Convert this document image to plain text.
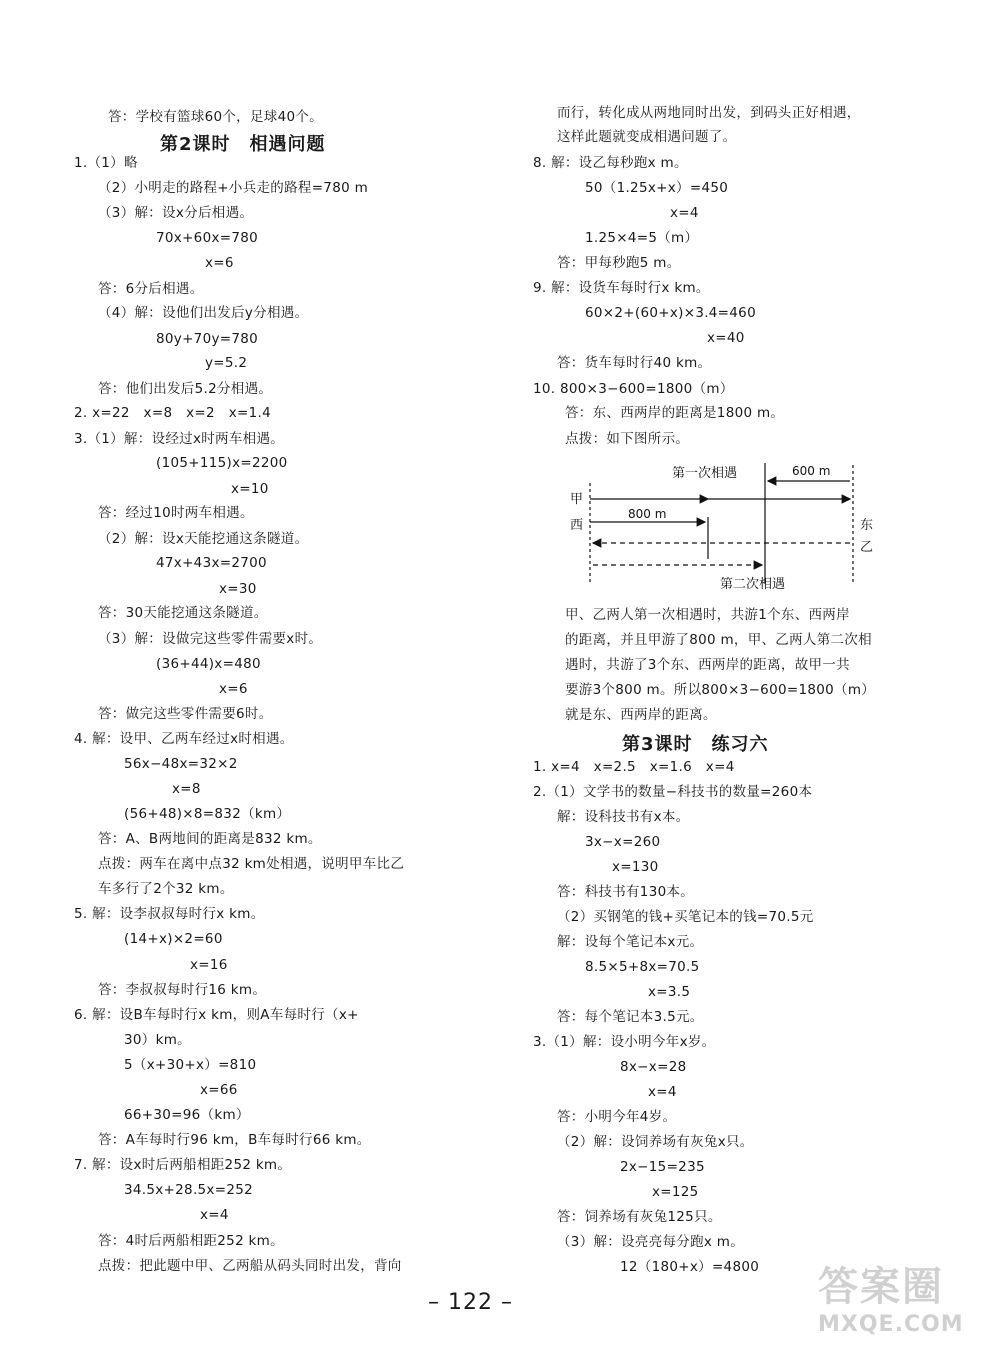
答：学校有篮球60个，足球40个。
1.（1）略
（2）小明走的路程+小兵走的路程=780 m
（3）解：设x分后相遇。
70x+60x=780
x=6
答：6分后相遇。
（4）解：设他们出发后y分相遇。
80y+70y=780
y=5.2
答：他们出发后5.2分相遇。
2. x=22　x=8　x=2　x=1.4
3.（1）解：设经过x时两车相遇。
(105+115)x=2200
x=10
答：经过10时两车相遇。
（2）解：设x天能挖通这条隧道。
47x+43x=2700
x=30
答：30天能挖通这条隧道。
（3）解：设做完这些零件需要x时。
(36+44)x=480
x=6
答：做完这些零件需要6时。
4. 解：设甲、乙两车经过x时相遇。
56x−48x=32×2
x=8
(56+48)×8=832（km）
答：A、B两地间的距离是832 km。
点拨：两车在离中点32 km处相遇，说明甲车比乙
车多行了2个32 km。
5. 解：设李叔叔每时行x km。
(14+x)×2=60
x=16
答：李叔叔每时行16 km。
6. 解：设B车每时行x km，则A车每时行（x+
30）km。
5（x+30+x）=810
x=66
66+30=96（km）
答：A车每时行96 km，B车每时行66 km。
7. 解：设x时后两船相距252 km。
34.5x+28.5x=252
x=4
答：4时后两船相距252 km。
点拨：把此题中甲、乙两船从码头同时出发，背向
而行，转化成从两地同时出发，到码头正好相遇，
这样此题就变成相遇问题了。
8. 解：设乙每秒跑x m。
50（1.25x+x）=450
x=4
1.25×4=5（m）
答：甲每秒跑5 m。
9. 解：设货车每时行x km。
60×2+(60+x)×3.4=460
x=40
答：货车每时行40 km。
10. 800×3−600=1800（m）
答：东、西两岸的距离是1800 m。
点拨：如下图所示。
甲、乙两人第一次相遇时，共游1个东、西两岸
的距离，并且甲游了800 m，甲、乙两人第二次相
遇时，共游了3个东、西两岸的距离，故甲一共
要游3个800 m。所以800×3−600=1800（m）
就是东、西两岸的距离。
1. x=4　x=2.5　x=1.6　x=4
2.（1）文学书的数量−科技书的数量=260本
解：设科技书有x本。
3x−x=260
x=130
答：科技书有130本。
（2）买钢笔的钱+买笔记本的钱=70.5元
解：设每个笔记本x元。
8.5×5+8x=70.5
x=3.5
答：每个笔记本3.5元。
3.（1）解：设小明今年x岁。
8x−x=28
x=4
答：小明今年4岁。
（2）解：设饲养场有灰兔x只。
2x−15=235
x=125
答：饲养场有灰兔125只。
（3）解：设亮亮每分跑x m。
12（180+x）=4800
第2课时　相遇问题
第3课时　练习六
第一次相遇	600 m
800 m
第二次相遇
甲
西	东
乙
– 122 –	答案圈
MXQE.COM
